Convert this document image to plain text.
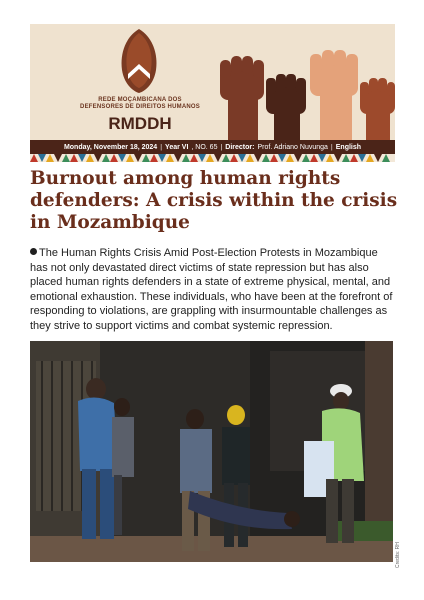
REDE MOÇAMBICANA DOS
DEFENSORES DE DIREITOS HUMANOS
RMDDH
Monday, November 18, 2024 | Year VI , NO. 65 | Director: Prof. Adriano Nuvunga | English
Burnout among human rights defenders: A crisis within the crisis in Mozambique

The Human Rights Crisis Amid Post-Election Protests in Mozambique has not only devastated direct victims of state repression but has also placed human rights defenders in a state of extreme physical, mental, and emotional exhaustion. These individuals, who have been at the forefront of responding to violations, are grappling with insurmountable challenges as they strive to support victims and combat systemic repression.

Credits: RH
